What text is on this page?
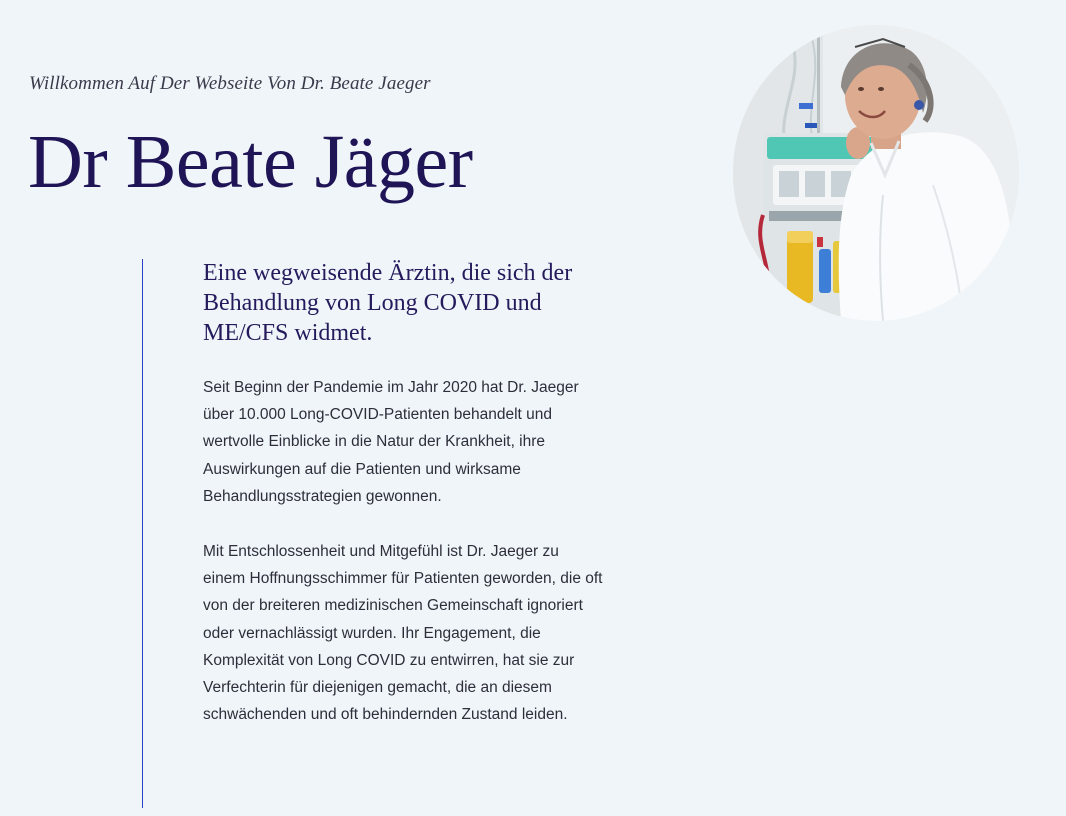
Willkommen Auf Der Webseite Von Dr. Beate Jaeger
Dr Beate Jäger
Eine wegweisende Ärztin, die sich der Behandlung von Long COVID und ME/CFS widmet.

Seit Beginn der Pandemie im Jahr 2020 hat Dr. Jaeger über 10.000 Long-COVID-Patienten behandelt und wertvolle Einblicke in die Natur der Krankheit, ihre Auswirkungen auf die Patienten und wirksame Behandlungsstrategien gewonnen.

Mit Entschlossenheit und Mitgefühl ist Dr. Jaeger zu einem Hoffnungsschimmer für Patienten geworden, die oft von der breiteren medizinischen Gemeinschaft ignoriert oder vernachlässigt wurden. Ihr Engagement, die Komplexität von Long COVID zu entwirren, hat sie zur Verfechterin für diejenigen gemacht, die an diesem schwächenden und oft behindernden Zustand leiden.
